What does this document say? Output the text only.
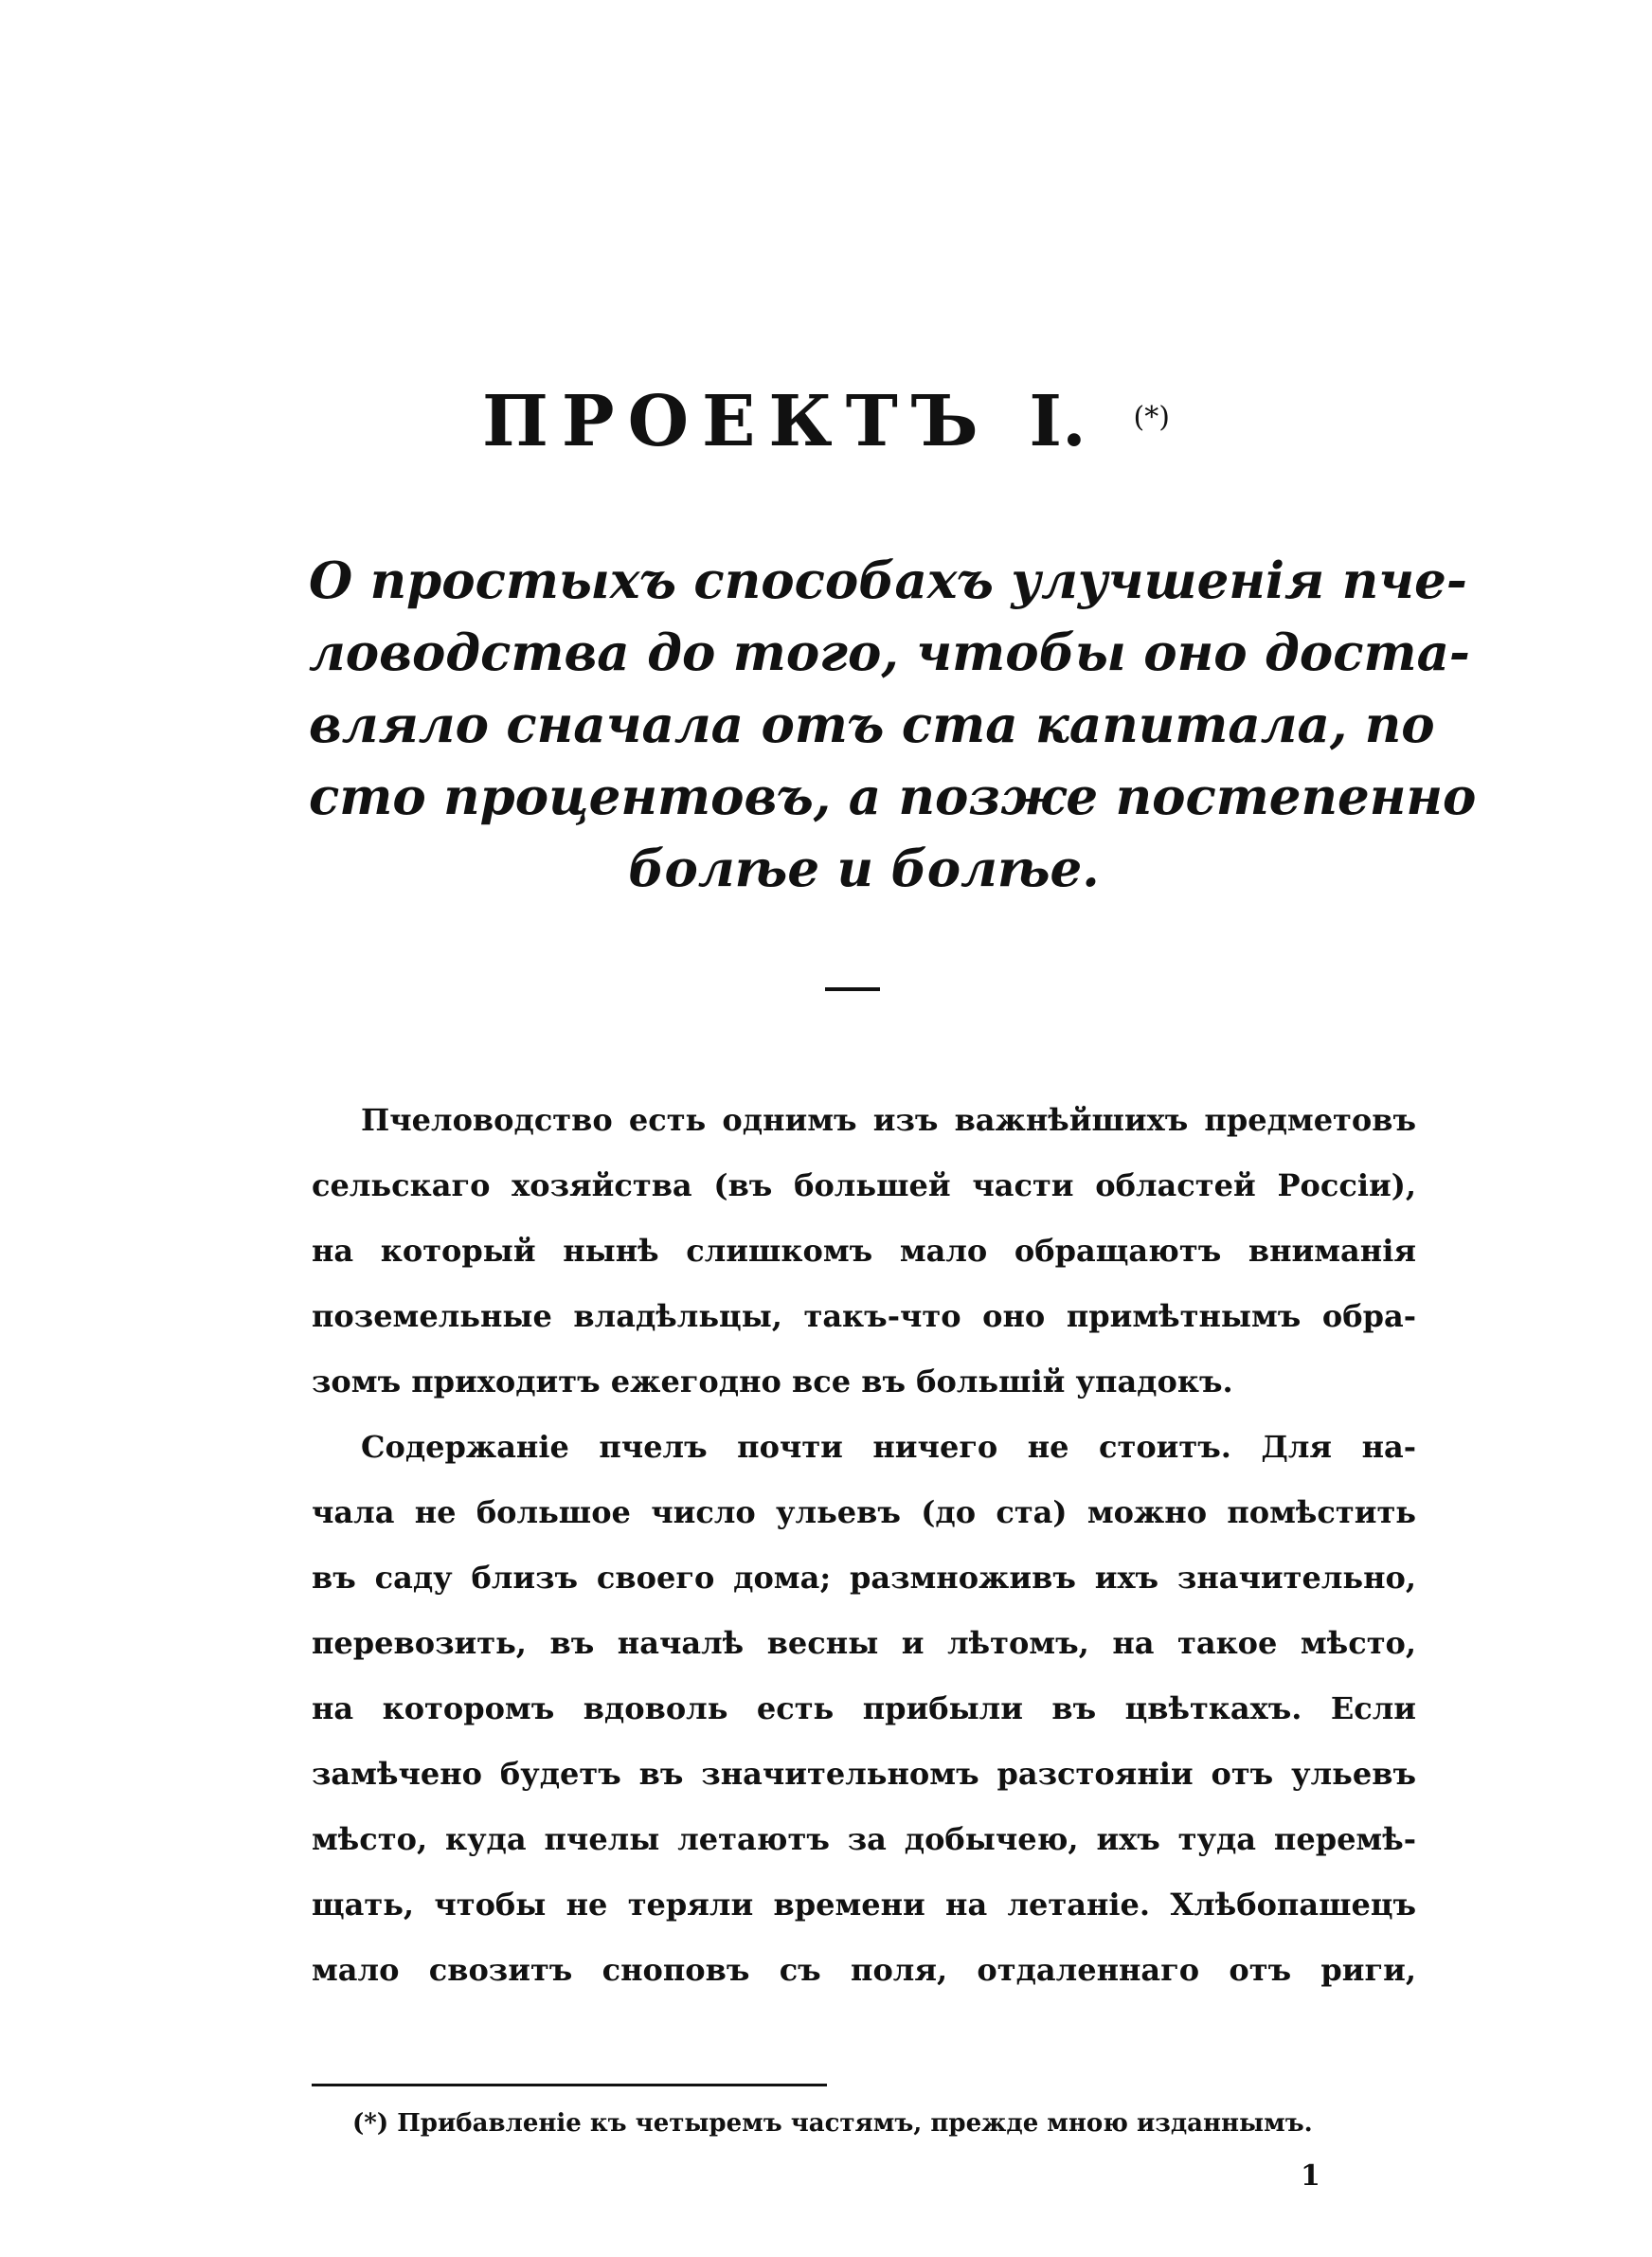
ПРОЕКТЪ I. (*)
О простыхъ способахъ улучшенія пче-
ловодства до того, чтобы оно доста-
вляло сначала отъ ста капитала, по
сто процентовъ, а позже постепенно
болѣе и болѣе.
Пчеловодство есть однимъ изъ важнѣйшихъ предметовъ
сельскаго хозяйства (въ большей части областей Россіи),
на который нынѣ слишкомъ мало обращаютъ вниманія
поземельные владѣльцы, такъ-что оно примѣтнымъ обра-
зомъ приходитъ ежегодно все въ большій упадокъ.
Содержаніе пчелъ почти ничего не стоитъ. Для на-
чала не большое число ульевъ (до ста) можно помѣстить
въ саду близъ своего дома; размноживъ ихъ значительно,
перевозить, въ началѣ весны и лѣтомъ, на такое мѣсто,
на которомъ вдоволь есть прибыли въ цвѣткахъ. Если
замѣчено будетъ въ значительномъ разстояніи отъ ульевъ
мѣсто, куда пчелы летаютъ за добычею, ихъ туда перемѣ-
щать, чтобы не теряли времени на летаніе. Хлѣбопашецъ
мало свозитъ сноповъ съ поля, отдаленнаго отъ риги,
(*) Прибавленіе къ четыремъ частямъ, прежде мною изданнымъ.
1
